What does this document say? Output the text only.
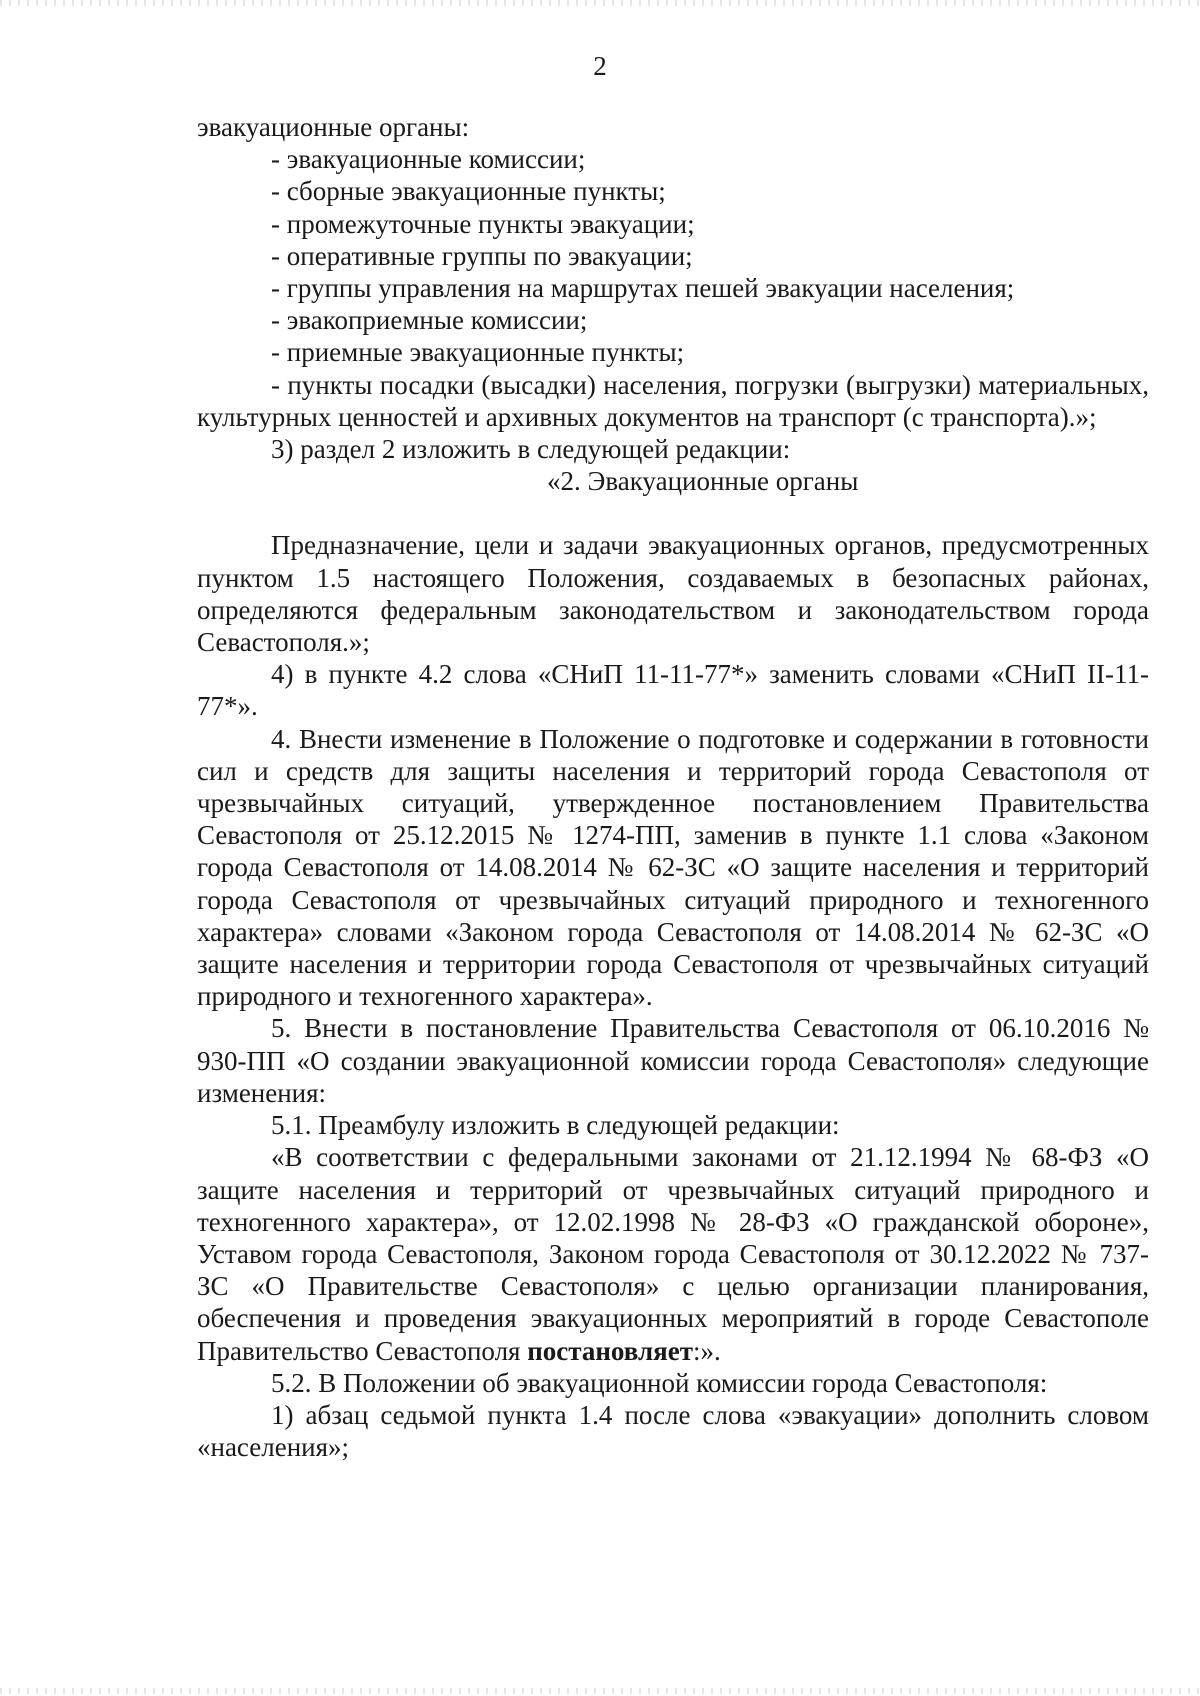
2

эвакуационные органы:

- эвакуационные комиссии;

- сборные эвакуационные пункты;

- промежуточные пункты эвакуации;

- оперативные группы по эвакуации;

- группы управления на маршрутах пешей эвакуации населения;

- эвакоприемные комиссии;

- приемные эвакуационные пункты;

- пункты посадки (высадки) населения, погрузки (выгрузки) материальных, культурных ценностей и архивных документов на транспорт (с транспорта).»;

3) раздел 2 изложить в следующей редакции:

«2. Эвакуационные органы

Предназначение, цели и задачи эвакуационных органов, предусмотренных пунктом 1.5 настоящего Положения, создаваемых в безопасных районах, определяются федеральным законодательством и законодательством города Севастополя.»;

4) в пункте 4.2 слова «СНиП 11-11-77*» заменить словами «СНиП II-11-77*».

4. Внести изменение в Положение о подготовке и содержании в готовности сил и средств для защиты населения и территорий города Севастополя от чрезвычайных ситуаций, утвержденное постановлением Правительства Севастополя от 25.12.2015 № 1274-ПП, заменив в пункте 1.1 слова «Законом города Севастополя от 14.08.2014 № 62-ЗС «О защите населения и территорий города Севастополя от чрезвычайных ситуаций природного и техногенного характера» словами «Законом города Севастополя от 14.08.2014 № 62-ЗС «О защите населения и территории города Севастополя от чрезвычайных ситуаций природного и техногенного характера».

5. Внести в постановление Правительства Севастополя от 06.10.2016 № 930-ПП «О создании эвакуационной комиссии города Севастополя» следующие изменения:

5.1. Преамбулу изложить в следующей редакции:

«В соответствии с федеральными законами от 21.12.1994 № 68-ФЗ «О защите населения и территорий от чрезвычайных ситуаций природного и техногенного характера», от 12.02.1998 № 28-ФЗ «О гражданской обороне», Уставом города Севастополя, Законом города Севастополя от 30.12.2022 № 737-ЗС «О Правительстве Севастополя» с целью организации планирования, обеспечения и проведения эвакуационных мероприятий в городе Севастополе Правительство Севастополя постановляет:».

5.2. В Положении об эвакуационной комиссии города Севастополя:

1) абзац седьмой пункта 1.4 после слова «эвакуации» дополнить словом «населения»;
